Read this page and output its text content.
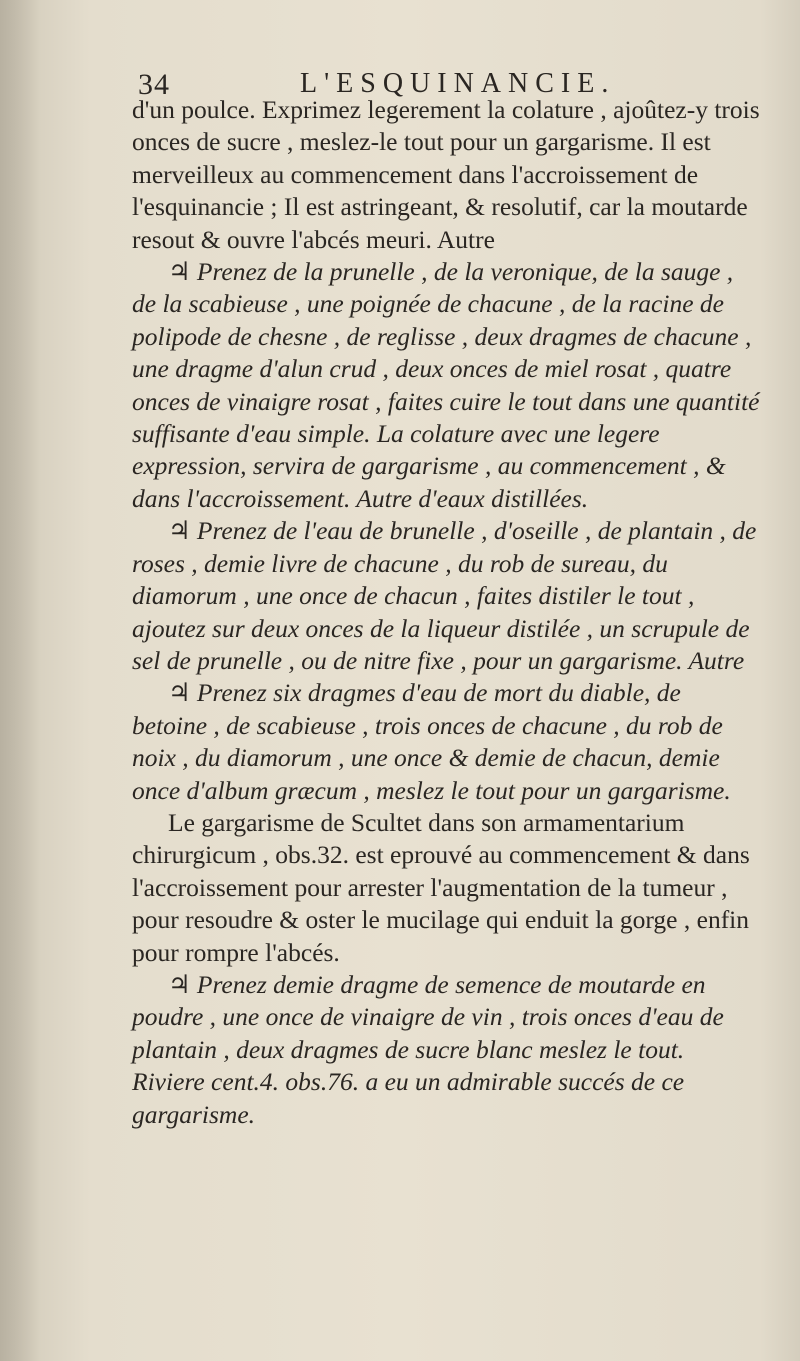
34	L'ESQUINANCIE.

d'un poulce. Exprimez legerement la colature , ajoûtez-y trois onces de sucre , meslez-le tout pour un gargarisme. Il est merveilleux au commencement dans l'accroissement de l'esquinancie ; Il est astringeant, & resolutif, car la moutarde resout & ouvre l'abcés meuri. Autre

♃ Prenez de la prunelle , de la veronique, de la sauge , de la scabieuse , une poignée de chacune , de la racine de polipode de chesne , de reglisse , deux dragmes de chacune , une dragme d'alun crud , deux onces de miel rosat , quatre onces de vinaigre rosat , faites cuire le tout dans une quantité suffisante d'eau simple. La colature avec une legere expression, servira de gargarisme , au commencement , & dans l'accroissement. Autre d'eaux distillées.

♃ Prenez de l'eau de brunelle , d'oseille , de plantain , de roses , demie livre de chacune , du rob de sureau, du diamorum , une once de chacun , faites distiler le tout , ajoutez sur deux onces de la liqueur distilée , un scrupule de sel de prunelle , ou de nitre fixe , pour un gargarisme. Autre

♃ Prenez six dragmes d'eau de mort du diable, de betoine , de scabieuse , trois onces de chacune , du rob de noix , du diamorum , une once & demie de chacun, demie once d'album græcum , meslez le tout pour un gargarisme.

Le gargarisme de Scultet dans son armamentarium chirurgicum , obs.32. est eprouvé au commencement & dans l'accroissement pour arrester l'augmentation de la tumeur , pour resoudre & oster le mucilage qui enduit la gorge , enfin pour rompre l'abcés.

♃ Prenez demie dragme de semence de moutarde en poudre , une once de vinaigre de vin , trois onces d'eau de plantain , deux dragmes de sucre blanc meslez le tout. Riviere cent.4. obs.76. a eu un admirable succés de ce gargarisme.
